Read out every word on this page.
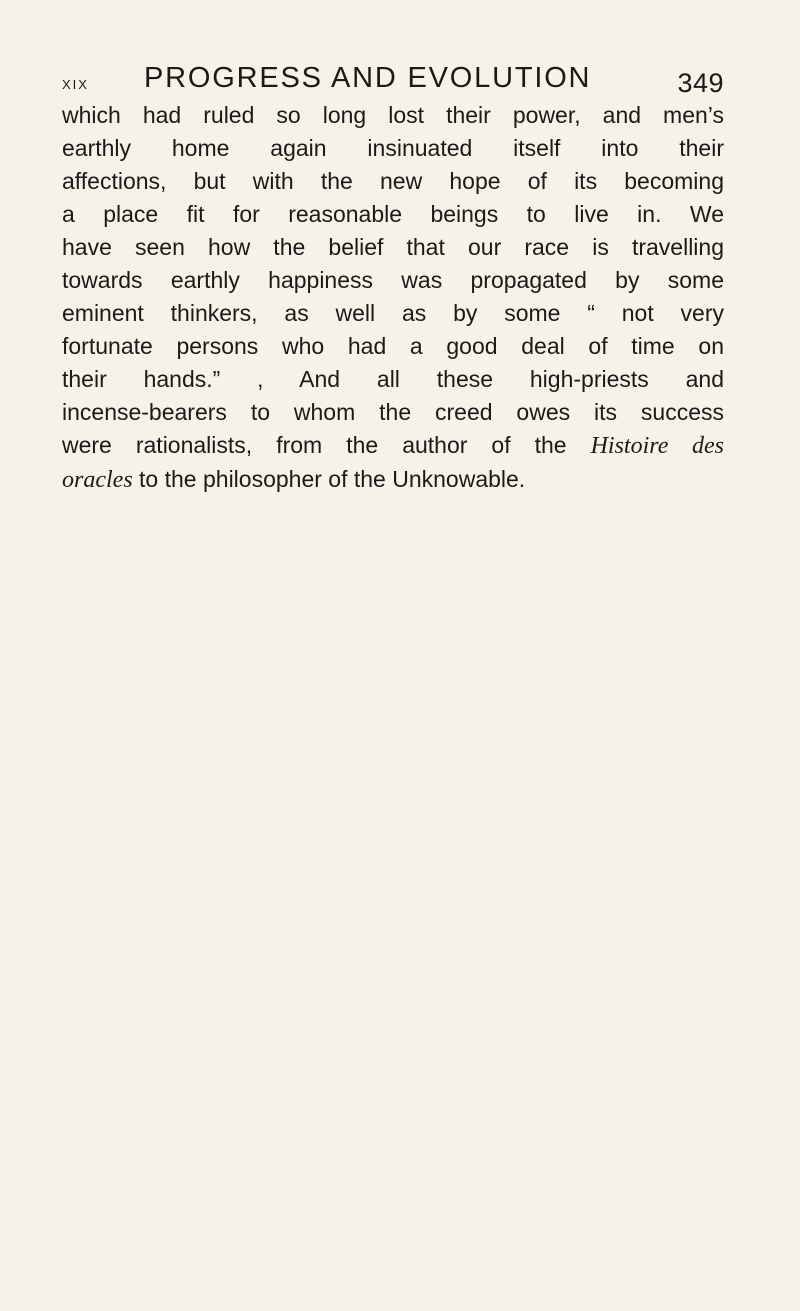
XIX PROGRESS AND EVOLUTION	349
which had ruled so long lost their power, and men’s
earthly home again insinuated itself into their
affections, but with the new hope of its becoming
a place fit for reasonable beings to live in. We
have seen how the belief that our race is travelling
towards earthly happiness was propagated by some
eminent thinkers, as well as by some “ not very
fortunate persons who had a good deal of time on
their hands.” , And all these high-priests and
incense-bearers to whom the creed owes its success
were rationalists, from the author of the Histoire des
oracles to the philosopher of the Unknowable.
